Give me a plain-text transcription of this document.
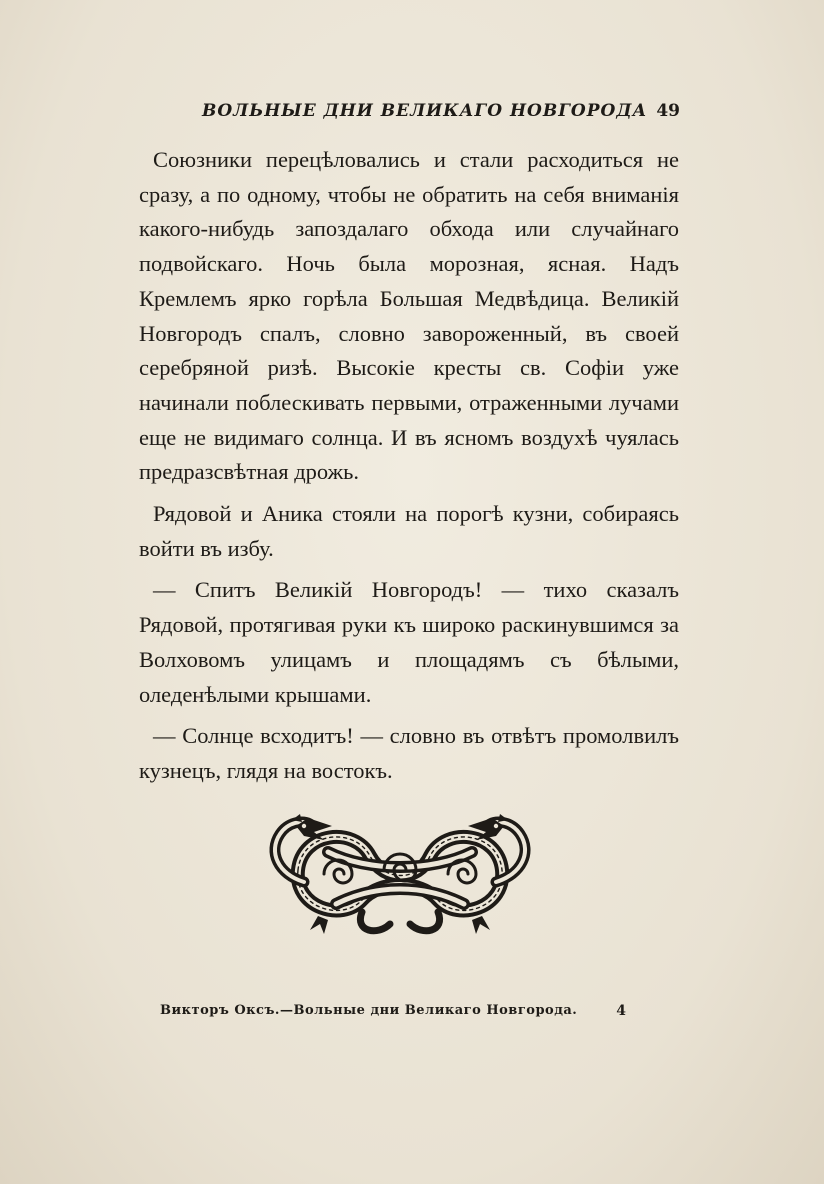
ВОЛЬНЫЕ ДНИ ВЕЛИКАГО НОВГОРОДА 49

Союзники перецѣловались и стали расходиться не сразу, а по одному, чтобы не обратить на себя вниманія какого-нибудь запоздалаго обхода или случайнаго подвойскаго. Ночь была морозная, ясная. Надъ Кремлемъ ярко горѣла Большая Медвѣдица. Великій Новгородъ спалъ, словно завороженный, въ своей серебряной ризѣ. Высокіе кресты св. Софіи уже начинали поблескивать первыми, отраженными лучами еще не видимаго солнца. И въ ясномъ воздухѣ чуялась предразсвѣтная дрожь.

Рядовой и Аника стояли на порогѣ кузни, собираясь войти въ избу.

— Спитъ Великій Новгородъ! — тихо сказалъ Рядовой, протягивая руки къ широко раскинувшимся за Волховомъ улицамъ и площадямъ съ бѣлыми, оледенѣлыми крышами.

— Солнце всходитъ! — словно въ отвѣтъ промолвилъ кузнецъ, глядя на востокъ.

Викторъ Оксъ.—Вольные дни Великаго Новгорода.	4
